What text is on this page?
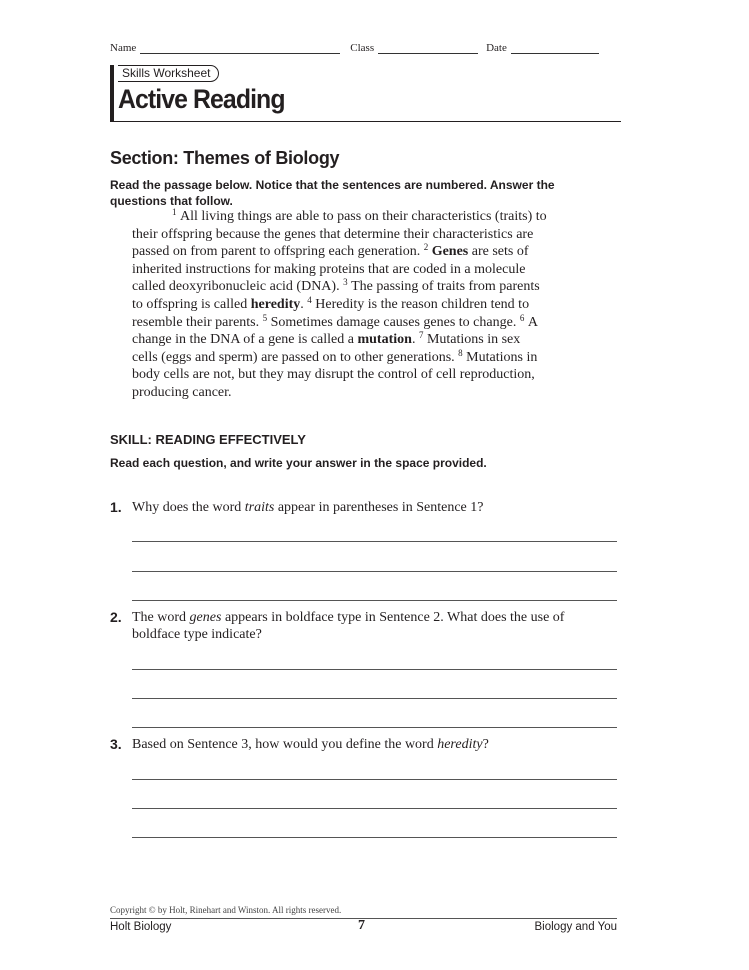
Name	Class	Date
Skills Worksheet
Active Reading
Section: Themes of Biology
Read the passage below. Notice that the sentences are numbered. Answer the questions that follow.
$^1$ All living things are able to pass on their characteristics (traits) to their offspring because the genes that determine their characteristics are passed on from parent to offspring each generation. $^2$ Genes are sets of inherited instructions for making proteins that are coded in a molecule called deoxyribonucleic acid (DNA). $^3$ The passing of traits from parents to offspring is called heredity. $^4$ Heredity is the reason children tend to resemble their parents. $^5$ Sometimes damage causes genes to change. $^6$ A change in the DNA of a gene is called a mutation. $^7$ Mutations in sex cells (eggs and sperm) are passed on to other generations. $^8$ Mutations in body cells are not, but they may disrupt the control of cell reproduction, producing cancer.
SKILL: READING EFFECTIVELY
Read each question, and write your answer in the space provided.
1. Why does the word traits appear in parentheses in Sentence 1?
2. The word genes appears in boldface type in Sentence 2. What does the use of boldface type indicate?
3. Based on Sentence 3, how would you define the word heredity?
Copyright © by Holt, Rinehart and Winston. All rights reserved.
Holt Biology	7	Biology and You
